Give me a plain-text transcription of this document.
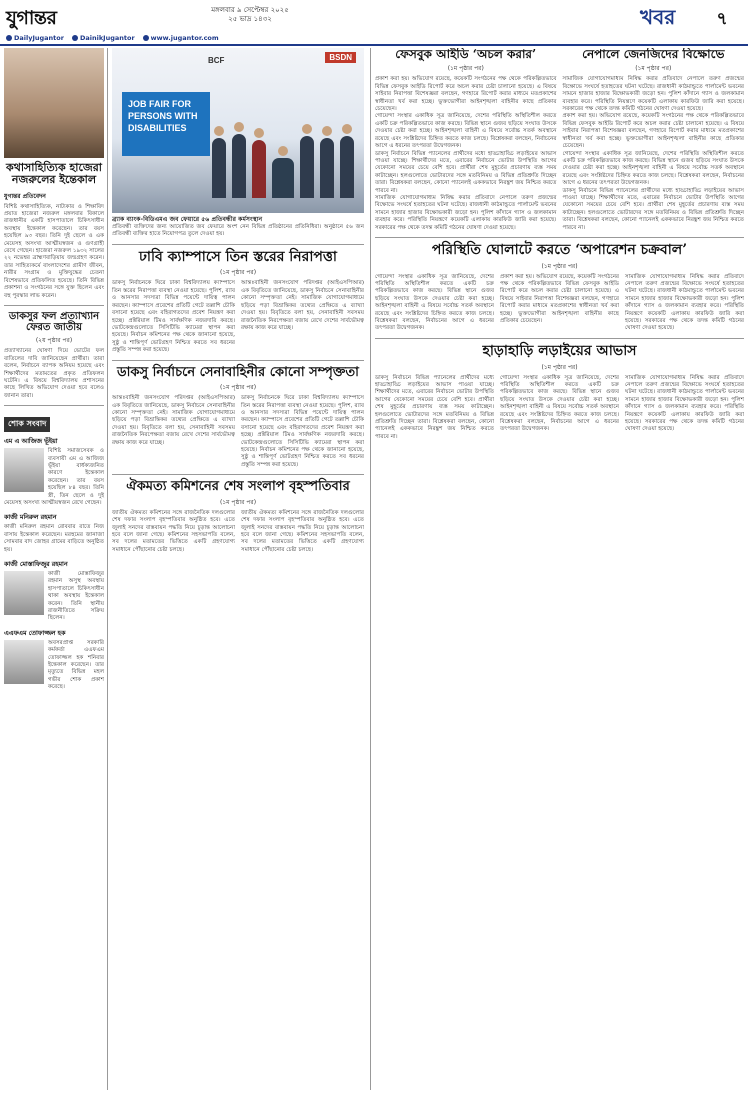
যুগান্তর	মঙ্গলবার ৯ সেপ্টেম্বর ২০২৫
২৫ ভাদ্র ১৪৩২	খবর	৭
DailyJugantor DainikJugantor www.jugantor.com
কথাসাহিত্যিক হাজেরা নজরুলের ইন্তেকাল
যুগান্তর প্রতিবেদন
বিশিষ্ট কথাসাহিত্যিক, নাট্যকার ও শিক্ষাবিদ প্রয়াত হাজেরা নজরুল মঙ্গলবার বিকালে রাজধানীর একটি হাসপাতালে চিকিৎসাধীন অবস্থায় ইন্তেকাল করেছেন। তার বয়স হয়েছিল ৯৩ বছর। তিনি দুই ছেলে ও এক মেয়েসহ অসংখ্য আত্মীয়স্বজন ও গুণগ্রাহী রেখে গেছেন। হাজেরা নজরুল ১৯৩২ সালের ২২ নভেম্বর ব্রাহ্মণবাড়িয়ায় জন্মগ্রহণ করেন। তার সাহিত্যকর্মে বাংলাদেশের গ্রামীণ জীবন, নারীর সংগ্রাম ও মুক্তিযুদ্ধের চেতনা বিশেষভাবে প্রতিফলিত হয়েছে। তিনি বিভিন্ন প্রকাশনা ও সংগঠনের সঙ্গে যুক্ত ছিলেন এবং বহু পুরস্কার লাভ করেন।
ডাকসুর ফল প্রত্যাখ্যান ফেরত জাতীয়
(২য় পৃষ্ঠার পর)
প্রত্যাখ্যানের ঘোষণা দিয়ে ভোটের ফল বাতিলের দাবি জানিয়েছেন প্রার্থীরা। তারা বলেন, নির্বাচনে ব্যাপক অনিয়ম হয়েছে এবং শিক্ষার্থীদের মতামতের প্রকৃত প্রতিফলন ঘটেনি। এ বিষয়ে বিশ্ববিদ্যালয় প্রশাসনের কাছে লিখিত অভিযোগ দেওয়া হবে বলেও জানান তারা।
শোক সংবাদ
এম এ আজিজ ভূঁইয়া
বিশিষ্ট সমাজসেবক ও ব্যবসায়ী এম এ আজিজ ভূঁইয়া বার্ধক্যজনিত কারণে ইন্তেকাল করেছেন। তার বয়স হয়েছিল ৮৪ বছর। তিনি স্ত্রী, তিন ছেলে ও দুই মেয়েসহ অসংখ্য আত্মীয়স্বজন রেখে গেছেন।
কাজী মনিরুল রহমান
কাজী মনিরুল রহমান রোববার রাতে নিজ বাসায় ইন্তেকাল করেছেন। মরহুমের জানাজা সোমবার বাদ জোহর গ্রামের বাড়িতে অনুষ্ঠিত হয়।
কাজী মোস্তাফিজুর রহমান
কাজী মোস্তাফিজুর রহমান অসুস্থ অবস্থায় হাসপাতালে চিকিৎসাধীন থাকা অবস্থায় ইন্তেকাল করেন। তিনি স্থানীয় রাজনীতিতে সক্রিয় ছিলেন।
এএফএম তোফাজ্জল হক
অবসরপ্রাপ্ত সরকারি কর্মকর্তা এএফএম তোফাজ্জল হক শনিবার ইন্তেকাল করেছেন। তার মৃত্যুতে বিভিন্ন মহল গভীর শোক প্রকাশ করেছে।
JOB FAIR FOR PERSONS WITH DISABILITIES
BCF	BSDN
ব্র্যাক ব্যাংক-বিডিএমএ জব ফেয়ারে ৫৬ প্রতিবন্ধীর কর্মসংস্থান
প্রতিবন্ধী ব্যক্তিদের জন্য আয়োজিত জব ফেয়ারে অংশ নেন বিভিন্ন প্রতিষ্ঠানের প্রতিনিধিরা। অনুষ্ঠানে ৫৬ জন প্রতিবন্ধী ব্যক্তির হাতে নিয়োগপত্র তুলে দেওয়া হয়।
ঢাবি ক্যাম্পাসে তিন স্তরের নিরাপত্তা
(১ম পৃষ্ঠার পর)
ডাকসু নির্বাচনকে ঘিরে ঢাকা বিশ্ববিদ্যালয় ক্যাম্পাসে তিন স্তরের নিরাপত্তা ব্যবস্থা নেওয়া হয়েছে। পুলিশ, র‌্যাব ও আনসার সদস্যরা বিভিন্ন পয়েন্টে দায়িত্ব পালন করছেন। ক্যাম্পাসে প্রবেশের প্রতিটি গেটে তল্লাশি চৌকি বসানো হয়েছে এবং বহিরাগতদের প্রবেশ নিয়ন্ত্রণ করা হচ্ছে। প্রক্টরিয়াল টিমও সার্বক্ষণিক নজরদারি করছে। ভোটকেন্দ্রগুলোতে সিসিটিভি ক্যামেরা স্থাপন করা হয়েছে। নির্বাচন কমিশনের পক্ষ থেকে জানানো হয়েছে, সুষ্ঠু ও শান্তিপূর্ণ ভোটগ্রহণ নিশ্চিত করতে সব ধরনের প্রস্তুতি সম্পন্ন করা হয়েছে।
আন্তঃবাহিনী জনসংযোগ পরিদপ্তর (আইএসপিআর) এক বিবৃতিতে জানিয়েছে, ডাকসু নির্বাচনে সেনাবাহিনীর কোনো সম্পৃক্ততা নেই। সামাজিক যোগাযোগমাধ্যমে ছড়িয়ে পড়া বিভ্রান্তিকর তথ্যের প্রেক্ষিতে এ ব্যাখ্যা দেওয়া হয়। বিবৃতিতে বলা হয়, সেনাবাহিনী সবসময় রাজনৈতিক নিরপেক্ষতা বজায় রেখে দেশের সার্বভৌমত্ব রক্ষায় কাজ করে যাচ্ছে।
ডাকসু নির্বাচনে সেনাবাহিনীর কোনো সম্পৃক্ততা
(১ম পৃষ্ঠার পর)
আন্তঃবাহিনী জনসংযোগ পরিদপ্তর (আইএসপিআর) এক বিবৃতিতে জানিয়েছে, ডাকসু নির্বাচনে সেনাবাহিনীর কোনো সম্পৃক্ততা নেই। সামাজিক যোগাযোগমাধ্যমে ছড়িয়ে পড়া বিভ্রান্তিকর তথ্যের প্রেক্ষিতে এ ব্যাখ্যা দেওয়া হয়। বিবৃতিতে বলা হয়, সেনাবাহিনী সবসময় রাজনৈতিক নিরপেক্ষতা বজায় রেখে দেশের সার্বভৌমত্ব রক্ষায় কাজ করে যাচ্ছে।
ডাকসু নির্বাচনকে ঘিরে ঢাকা বিশ্ববিদ্যালয় ক্যাম্পাসে তিন স্তরের নিরাপত্তা ব্যবস্থা নেওয়া হয়েছে। পুলিশ, র‌্যাব ও আনসার সদস্যরা বিভিন্ন পয়েন্টে দায়িত্ব পালন করছেন। ক্যাম্পাসে প্রবেশের প্রতিটি গেটে তল্লাশি চৌকি বসানো হয়েছে এবং বহিরাগতদের প্রবেশ নিয়ন্ত্রণ করা হচ্ছে। প্রক্টরিয়াল টিমও সার্বক্ষণিক নজরদারি করছে। ভোটকেন্দ্রগুলোতে সিসিটিভি ক্যামেরা স্থাপন করা হয়েছে। নির্বাচন কমিশনের পক্ষ থেকে জানানো হয়েছে, সুষ্ঠু ও শান্তিপূর্ণ ভোটগ্রহণ নিশ্চিত করতে সব ধরনের প্রস্তুতি সম্পন্ন করা হয়েছে।
ঐকমত্য কমিশনের শেষ সংলাপ বৃহস্পতিবার
(১ম পৃষ্ঠার পর)
জাতীয় ঐকমত্য কমিশনের সঙ্গে রাজনৈতিক দলগুলোর শেষ দফার সংলাপ বৃহস্পতিবার অনুষ্ঠিত হবে। এতে জুলাই সনদের বাস্তবায়ন পদ্ধতি নিয়ে চূড়ান্ত আলোচনা হবে বলে জানা গেছে। কমিশনের সহসভাপতি বলেন, সব দলের মতামতের ভিত্তিতে একটি গ্রহণযোগ্য সমাধানে পৌঁছানোর চেষ্টা চলছে।
জাতীয় ঐকমত্য কমিশনের সঙ্গে রাজনৈতিক দলগুলোর শেষ দফার সংলাপ বৃহস্পতিবার অনুষ্ঠিত হবে। এতে জুলাই সনদের বাস্তবায়ন পদ্ধতি নিয়ে চূড়ান্ত আলোচনা হবে বলে জানা গেছে। কমিশনের সহসভাপতি বলেন, সব দলের মতামতের ভিত্তিতে একটি গ্রহণযোগ্য সমাধানে পৌঁছানোর চেষ্টা চলছে।
ফেসবুক আইডি ‘অচল করার’
(১ম পৃষ্ঠার পর)
প্রকাশ করা হয়। অভিযোগ রয়েছে, কয়েকটি সংগঠনের পক্ষ থেকে পরিকল্পিতভাবে বিভিন্ন ফেসবুক আইডি রিপোর্ট করে অচল করার চেষ্টা চালানো হয়েছে। এ বিষয়ে সাইবার নিরাপত্তা বিশেষজ্ঞরা বলছেন, গণহারে রিপোর্ট করার মাধ্যমে মতপ্রকাশের স্বাধীনতা খর্ব করা হচ্ছে। ভুক্তভোগীরা আইনশৃঙ্খলা বাহিনীর কাছে প্রতিকার চেয়েছেন।
গোয়েন্দা সংস্থার একাধিক সূত্র জানিয়েছে, দেশের পরিস্থিতি অস্থিতিশীল করতে একটি চক্র পরিকল্পিতভাবে কাজ করছে। বিভিন্ন স্থানে গুজব ছড়িয়ে সংঘাত উসকে দেওয়ার চেষ্টা করা হচ্ছে। আইনশৃঙ্খলা বাহিনী এ বিষয়ে সর্বোচ্চ সতর্ক অবস্থানে রয়েছে এবং সংশ্লিষ্টদের চিহ্নিত করতে কাজ চলছে। বিশ্লেষকরা বলছেন, নির্বাচনের আগে এ ধরনের তৎপরতা উদ্বেগজনক।
ডাকসু নির্বাচনে বিভিন্ন প্যানেলের প্রার্থীদের মধ্যে হাড্ডাহাড্ডি লড়াইয়ের আভাস পাওয়া যাচ্ছে। শিক্ষার্থীদের মতে, এবারের নির্বাচনে ভোটার উপস্থিতি আগের যেকোনো সময়ের চেয়ে বেশি হবে। প্রার্থীরা শেষ মুহূর্তের প্রচারণায় ব্যস্ত সময় কাটাচ্ছেন। হলগুলোতে ভোটারদের সঙ্গে মতবিনিময় ও বিভিন্ন প্রতিশ্রুতি দিচ্ছেন তারা। বিশ্লেষকরা বলছেন, কোনো প্যানেলই এককভাবে নিরঙ্কুশ জয় নিশ্চিত করতে পারবে না।
সামাজিক যোগাযোগমাধ্যম নিষিদ্ধ করার প্রতিবাদে নেপালে তরুণ প্রজন্মের বিক্ষোভে সংঘর্ষে হতাহতের ঘটনা ঘটেছে। রাজধানী কাঠমান্ডুতে পার্লামেন্ট ভবনের সামনে হাজার হাজার বিক্ষোভকারী জড়ো হন। পুলিশ কাঁদানে গ্যাস ও জলকামান ব্যবহার করে। পরিস্থিতি নিয়ন্ত্রণে কয়েকটি এলাকায় কারফিউ জারি করা হয়েছে। সরকারের পক্ষ থেকে তদন্ত কমিটি গঠনের ঘোষণা দেওয়া হয়েছে।
নেপালে জেনজিদের বিক্ষোভে
(১ম পৃষ্ঠার পর)
সামাজিক যোগাযোগমাধ্যম নিষিদ্ধ করার প্রতিবাদে নেপালে তরুণ প্রজন্মের বিক্ষোভে সংঘর্ষে হতাহতের ঘটনা ঘটেছে। রাজধানী কাঠমান্ডুতে পার্লামেন্ট ভবনের সামনে হাজার হাজার বিক্ষোভকারী জড়ো হন। পুলিশ কাঁদানে গ্যাস ও জলকামান ব্যবহার করে। পরিস্থিতি নিয়ন্ত্রণে কয়েকটি এলাকায় কারফিউ জারি করা হয়েছে। সরকারের পক্ষ থেকে তদন্ত কমিটি গঠনের ঘোষণা দেওয়া হয়েছে।
প্রকাশ করা হয়। অভিযোগ রয়েছে, কয়েকটি সংগঠনের পক্ষ থেকে পরিকল্পিতভাবে বিভিন্ন ফেসবুক আইডি রিপোর্ট করে অচল করার চেষ্টা চালানো হয়েছে। এ বিষয়ে সাইবার নিরাপত্তা বিশেষজ্ঞরা বলছেন, গণহারে রিপোর্ট করার মাধ্যমে মতপ্রকাশের স্বাধীনতা খর্ব করা হচ্ছে। ভুক্তভোগীরা আইনশৃঙ্খলা বাহিনীর কাছে প্রতিকার চেয়েছেন।
গোয়েন্দা সংস্থার একাধিক সূত্র জানিয়েছে, দেশের পরিস্থিতি অস্থিতিশীল করতে একটি চক্র পরিকল্পিতভাবে কাজ করছে। বিভিন্ন স্থানে গুজব ছড়িয়ে সংঘাত উসকে দেওয়ার চেষ্টা করা হচ্ছে। আইনশৃঙ্খলা বাহিনী এ বিষয়ে সর্বোচ্চ সতর্ক অবস্থানে রয়েছে এবং সংশ্লিষ্টদের চিহ্নিত করতে কাজ চলছে। বিশ্লেষকরা বলছেন, নির্বাচনের আগে এ ধরনের তৎপরতা উদ্বেগজনক।
ডাকসু নির্বাচনে বিভিন্ন প্যানেলের প্রার্থীদের মধ্যে হাড্ডাহাড্ডি লড়াইয়ের আভাস পাওয়া যাচ্ছে। শিক্ষার্থীদের মতে, এবারের নির্বাচনে ভোটার উপস্থিতি আগের যেকোনো সময়ের চেয়ে বেশি হবে। প্রার্থীরা শেষ মুহূর্তের প্রচারণায় ব্যস্ত সময় কাটাচ্ছেন। হলগুলোতে ভোটারদের সঙ্গে মতবিনিময় ও বিভিন্ন প্রতিশ্রুতি দিচ্ছেন তারা। বিশ্লেষকরা বলছেন, কোনো প্যানেলই এককভাবে নিরঙ্কুশ জয় নিশ্চিত করতে পারবে না।
পরিস্থিতি ঘোলাটে করতে ‘অপারেশন চক্রবাল’
(১ম পৃষ্ঠার পর)
গোয়েন্দা সংস্থার একাধিক সূত্র জানিয়েছে, দেশের পরিস্থিতি অস্থিতিশীল করতে একটি চক্র পরিকল্পিতভাবে কাজ করছে। বিভিন্ন স্থানে গুজব ছড়িয়ে সংঘাত উসকে দেওয়ার চেষ্টা করা হচ্ছে। আইনশৃঙ্খলা বাহিনী এ বিষয়ে সর্বোচ্চ সতর্ক অবস্থানে রয়েছে এবং সংশ্লিষ্টদের চিহ্নিত করতে কাজ চলছে। বিশ্লেষকরা বলছেন, নির্বাচনের আগে এ ধরনের তৎপরতা উদ্বেগজনক।
প্রকাশ করা হয়। অভিযোগ রয়েছে, কয়েকটি সংগঠনের পক্ষ থেকে পরিকল্পিতভাবে বিভিন্ন ফেসবুক আইডি রিপোর্ট করে অচল করার চেষ্টা চালানো হয়েছে। এ বিষয়ে সাইবার নিরাপত্তা বিশেষজ্ঞরা বলছেন, গণহারে রিপোর্ট করার মাধ্যমে মতপ্রকাশের স্বাধীনতা খর্ব করা হচ্ছে। ভুক্তভোগীরা আইনশৃঙ্খলা বাহিনীর কাছে প্রতিকার চেয়েছেন।
সামাজিক যোগাযোগমাধ্যম নিষিদ্ধ করার প্রতিবাদে নেপালে তরুণ প্রজন্মের বিক্ষোভে সংঘর্ষে হতাহতের ঘটনা ঘটেছে। রাজধানী কাঠমান্ডুতে পার্লামেন্ট ভবনের সামনে হাজার হাজার বিক্ষোভকারী জড়ো হন। পুলিশ কাঁদানে গ্যাস ও জলকামান ব্যবহার করে। পরিস্থিতি নিয়ন্ত্রণে কয়েকটি এলাকায় কারফিউ জারি করা হয়েছে। সরকারের পক্ষ থেকে তদন্ত কমিটি গঠনের ঘোষণা দেওয়া হয়েছে।
হাড়াহাড়ি লড়াইয়ের আভাস
(১ম পৃষ্ঠার পর)
ডাকসু নির্বাচনে বিভিন্ন প্যানেলের প্রার্থীদের মধ্যে হাড্ডাহাড্ডি লড়াইয়ের আভাস পাওয়া যাচ্ছে। শিক্ষার্থীদের মতে, এবারের নির্বাচনে ভোটার উপস্থিতি আগের যেকোনো সময়ের চেয়ে বেশি হবে। প্রার্থীরা শেষ মুহূর্তের প্রচারণায় ব্যস্ত সময় কাটাচ্ছেন। হলগুলোতে ভোটারদের সঙ্গে মতবিনিময় ও বিভিন্ন প্রতিশ্রুতি দিচ্ছেন তারা। বিশ্লেষকরা বলছেন, কোনো প্যানেলই এককভাবে নিরঙ্কুশ জয় নিশ্চিত করতে পারবে না।
গোয়েন্দা সংস্থার একাধিক সূত্র জানিয়েছে, দেশের পরিস্থিতি অস্থিতিশীল করতে একটি চক্র পরিকল্পিতভাবে কাজ করছে। বিভিন্ন স্থানে গুজব ছড়িয়ে সংঘাত উসকে দেওয়ার চেষ্টা করা হচ্ছে। আইনশৃঙ্খলা বাহিনী এ বিষয়ে সর্বোচ্চ সতর্ক অবস্থানে রয়েছে এবং সংশ্লিষ্টদের চিহ্নিত করতে কাজ চলছে। বিশ্লেষকরা বলছেন, নির্বাচনের আগে এ ধরনের তৎপরতা উদ্বেগজনক।
সামাজিক যোগাযোগমাধ্যম নিষিদ্ধ করার প্রতিবাদে নেপালে তরুণ প্রজন্মের বিক্ষোভে সংঘর্ষে হতাহতের ঘটনা ঘটেছে। রাজধানী কাঠমান্ডুতে পার্লামেন্ট ভবনের সামনে হাজার হাজার বিক্ষোভকারী জড়ো হন। পুলিশ কাঁদানে গ্যাস ও জলকামান ব্যবহার করে। পরিস্থিতি নিয়ন্ত্রণে কয়েকটি এলাকায় কারফিউ জারি করা হয়েছে। সরকারের পক্ষ থেকে তদন্ত কমিটি গঠনের ঘোষণা দেওয়া হয়েছে।
